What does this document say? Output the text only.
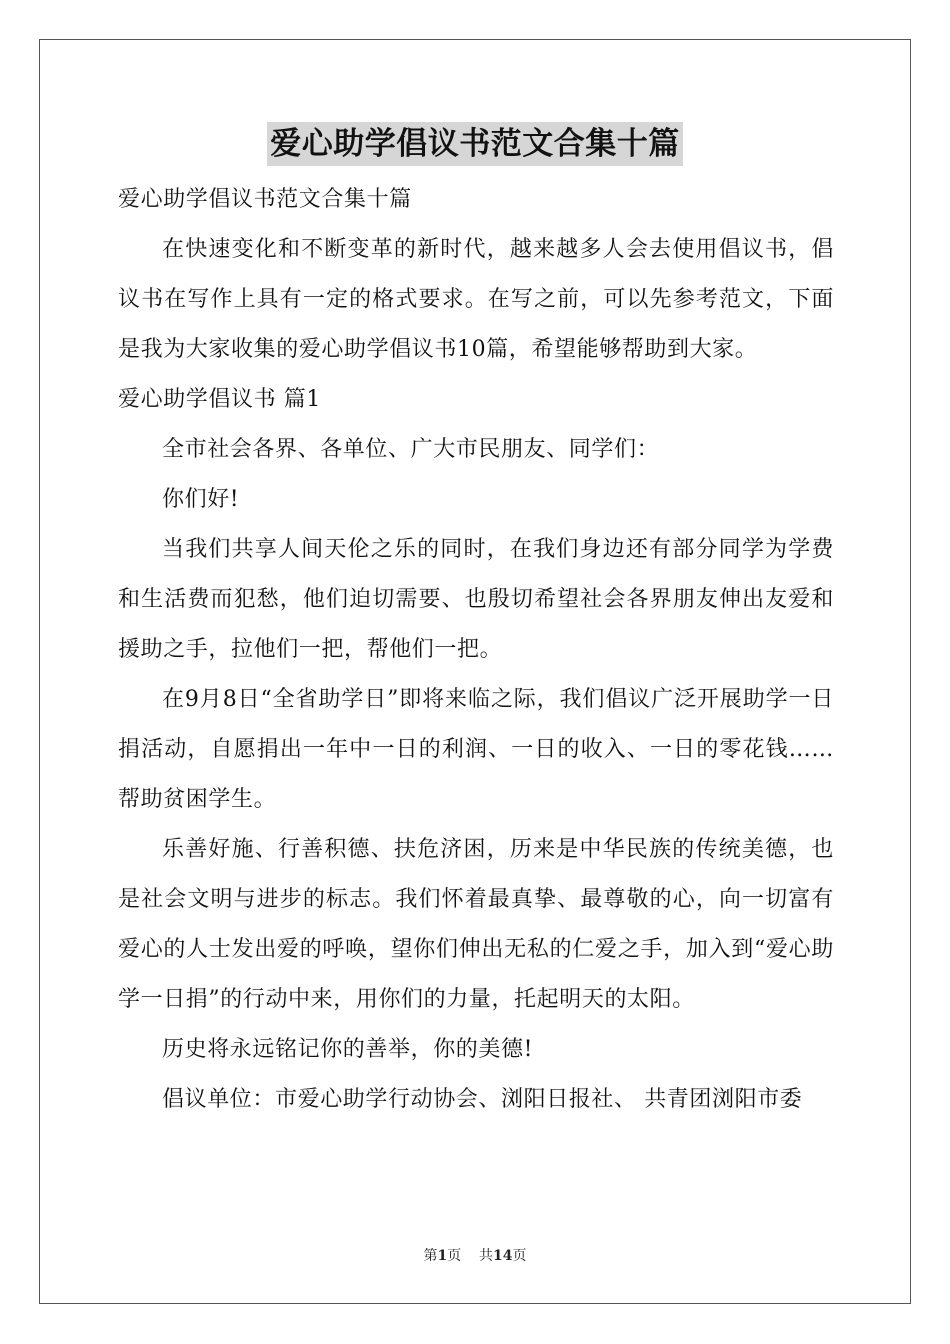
爱心助学倡议书范文合集十篇

爱心助学倡议书范文合集十篇

在快速变化和不断变革的新时代，越来越多人会去使用倡议书，倡议书在写作上具有一定的格式要求。在写之前，可以先参考范文，下面是我为大家收集的爱心助学倡议书10篇，希望能够帮助到大家。

爱心助学倡议书 篇1

全市社会各界、各单位、广大市民朋友、同学们：

你们好!

当我们共享人间天伦之乐的同时，在我们身边还有部分同学为学费和生活费而犯愁，他们迫切需要、也殷切希望社会各界朋友伸出友爱和援助之手，拉他们一把，帮他们一把。

在9月8日“全省助学日”即将来临之际，我们倡议广泛开展助学一日捐活动，自愿捐出一年中一日的利润、一日的收入、一日的零花钱……帮助贫困学生。

乐善好施、行善积德、扶危济困，历来是中华民族的传统美德，也是社会文明与进步的标志。我们怀着最真挚、最尊敬的心，向一切富有爱心的人士发出爱的呼唤，望你们伸出无私的仁爱之手，加入到“爱心助学一日捐”的行动中来，用你们的力量，托起明天的太阳。

历史将永远铭记你的善举，你的美德!

倡议单位：市爱心助学行动协会、浏阳日报社、 共青团浏阳市委

第1页 共14页
